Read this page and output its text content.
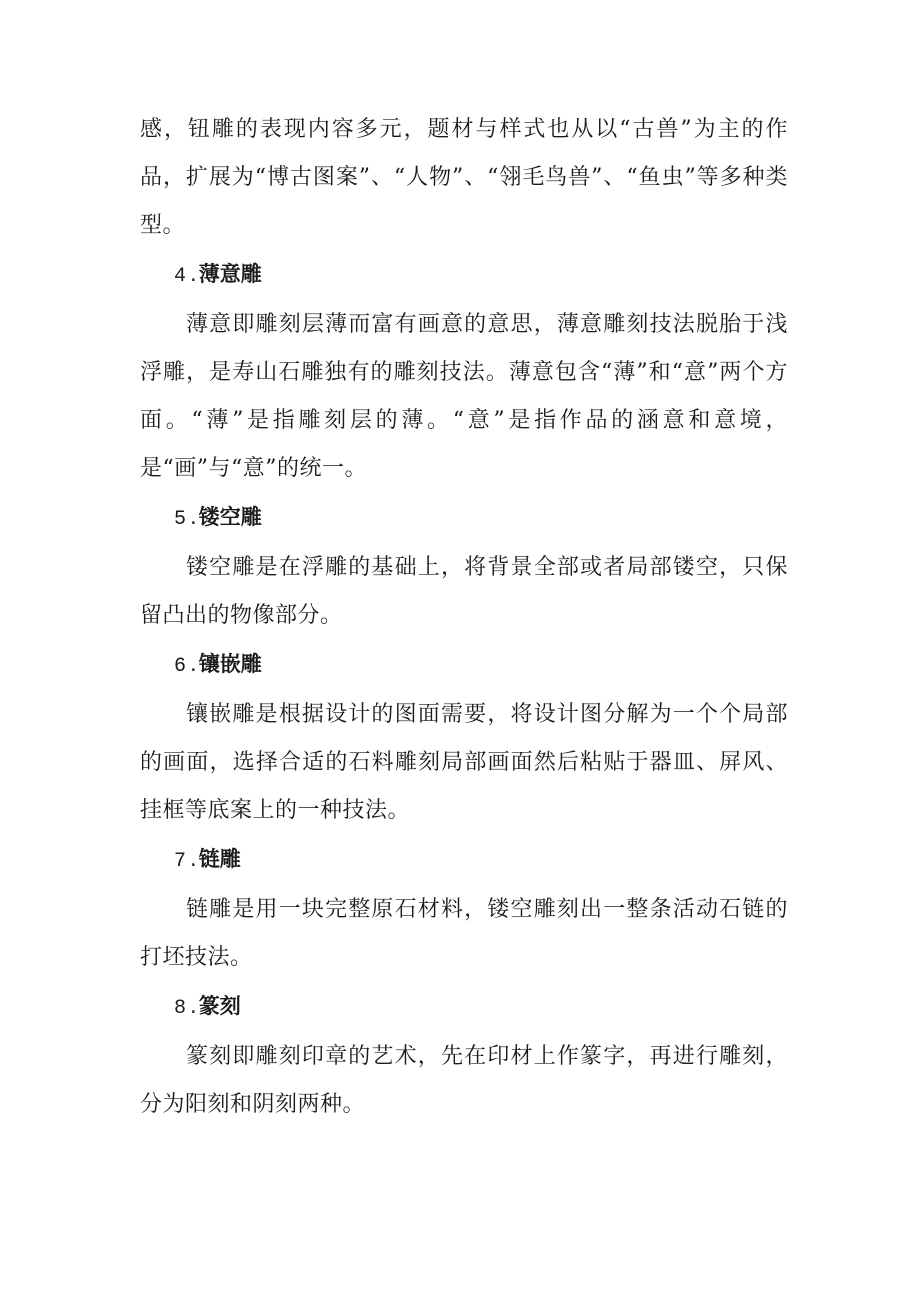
感，钮雕的表现内容多元，题材与样式也从以“古兽”为主的作品，扩展为“博古图案”、“人物”、“翎毛鸟兽”、“鱼虫”等多种类型。

4 .薄意雕

薄意即雕刻层薄而富有画意的意思，薄意雕刻技法脱胎于浅浮雕，是寿山石雕独有的雕刻技法。薄意包含“薄”和“意”两个方面。“薄”是指雕刻层的薄。“意”是指作品的涵意和意境，是“画”与“意”的统一。

5 .镂空雕

镂空雕是在浮雕的基础上，将背景全部或者局部镂空，只保留凸出的物像部分。

6 .镶嵌雕

镶嵌雕是根据设计的图面需要，将设计图分解为一个个局部的画面，选择合适的石料雕刻局部画面然后粘贴于器皿、屏风、挂框等底案上的一种技法。

7 .链雕

链雕是用一块完整原石材料，镂空雕刻出一整条活动石链的打坯技法。

8 .篆刻

篆刻即雕刻印章的艺术，先在印材上作篆字，再进行雕刻，分为阳刻和阴刻两种。
